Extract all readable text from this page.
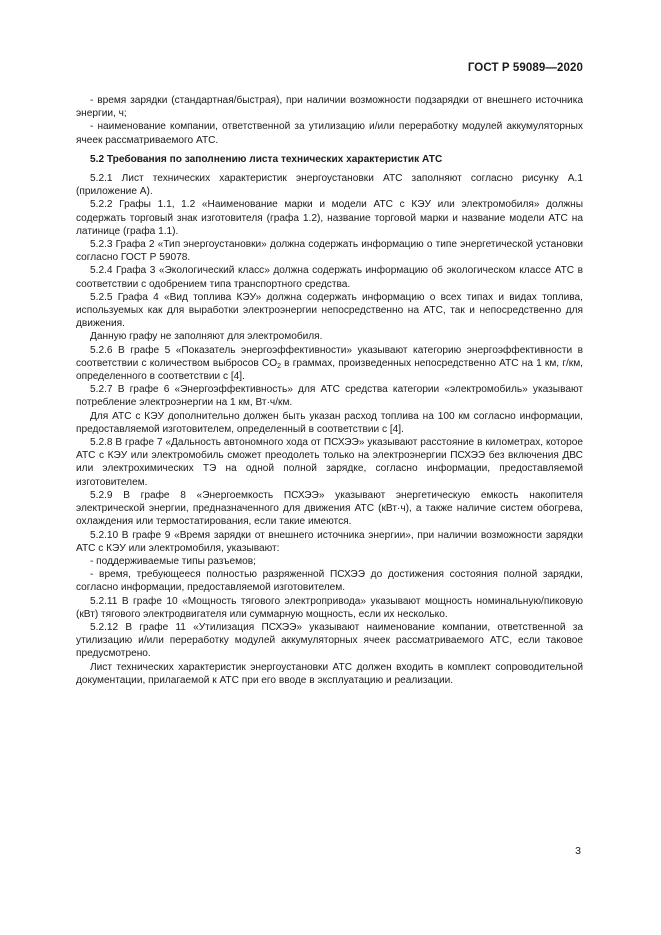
ГОСТ Р 59089—2020

- время зарядки (стандартная/быстрая), при наличии возможности подзарядки от внешнего источника энергии, ч;

- наименование компании, ответственной за утилизацию и/или переработку модулей аккумуляторных ячеек рассматриваемого АТС.

5.2 Требования по заполнению листа технических характеристик АТС

5.2.1 Лист технических характеристик энергоустановки АТС заполняют согласно рисунку А.1 (приложение А).

5.2.2 Графы 1.1, 1.2 «Наименование марки и модели АТС с КЭУ или электромобиля» должны содержать торговый знак изготовителя (графа 1.2), название торговой марки и название модели АТС на латинице (графа 1.1).

5.2.3 Графа 2 «Тип энергоустановки» должна содержать информацию о типе энергетической установки согласно ГОСТ Р 59078.

5.2.4 Графа 3 «Экологический класс» должна содержать информацию об экологическом классе АТС в соответствии с одобрением типа транспортного средства.

5.2.5 Графа 4 «Вид топлива КЭУ» должна содержать информацию о всех типах и видах топлива, используемых как для выработки электроэнергии непосредственно на АТС, так и непосредственно для движения.

Данную графу не заполняют для электромобиля.

5.2.6 В графе 5 «Показатель энергоэффективности» указывают категорию энергоэффективности в соответствии с количеством выбросов $CO_2$ в граммах, произведенных непосредственно АТС на 1 км, г/км, определенного в соответствии с [4].

5.2.7 В графе 6 «Энергоэффективность» для АТС средства категории «электромобиль» указывают потребление электроэнергии на 1 км, Вт·ч/км.

Для АТС с КЭУ дополнительно должен быть указан расход топлива на 100 км согласно информации, предоставляемой изготовителем, определенный в соответствии с [4].

5.2.8 В графе 7 «Дальность автономного хода от ПСХЭЭ» указывают расстояние в километрах, которое АТС с КЭУ или электромобиль сможет преодолеть только на электроэнергии ПСХЭЭ без включения ДВС или электрохимических ТЭ на одной полной зарядке, согласно информации, предоставляемой изготовителем.

5.2.9 В графе 8 «Энергоемкость ПСХЭЭ» указывают энергетическую емкость накопителя электрической энергии, предназначенного для движения АТС (кВт·ч), а также наличие систем обогрева, охлаждения или термостатирования, если такие имеются.

5.2.10 В графе 9 «Время зарядки от внешнего источника энергии», при наличии возможности зарядки АТС с КЭУ или электромобиля, указывают:

- поддерживаемые типы разъемов;

- время, требующееся полностью разряженной ПСХЭЭ до достижения состояния полной зарядки, согласно информации, предоставляемой изготовителем.

5.2.11 В графе 10 «Мощность тягового электропривода» указывают мощность номинальную/пиковую (кВт) тягового электродвигателя или суммарную мощность, если их несколько.

5.2.12 В графе 11 «Утилизация ПСХЭЭ» указывают наименование компании, ответственной за утилизацию и/или переработку модулей аккумуляторных ячеек рассматриваемого АТС, если таковое предусмотрено.

Лист технических характеристик энергоустановки АТС должен входить в комплект сопроводительной документации, прилагаемой к АТС при его вводе в эксплуатацию и реализации.

3
